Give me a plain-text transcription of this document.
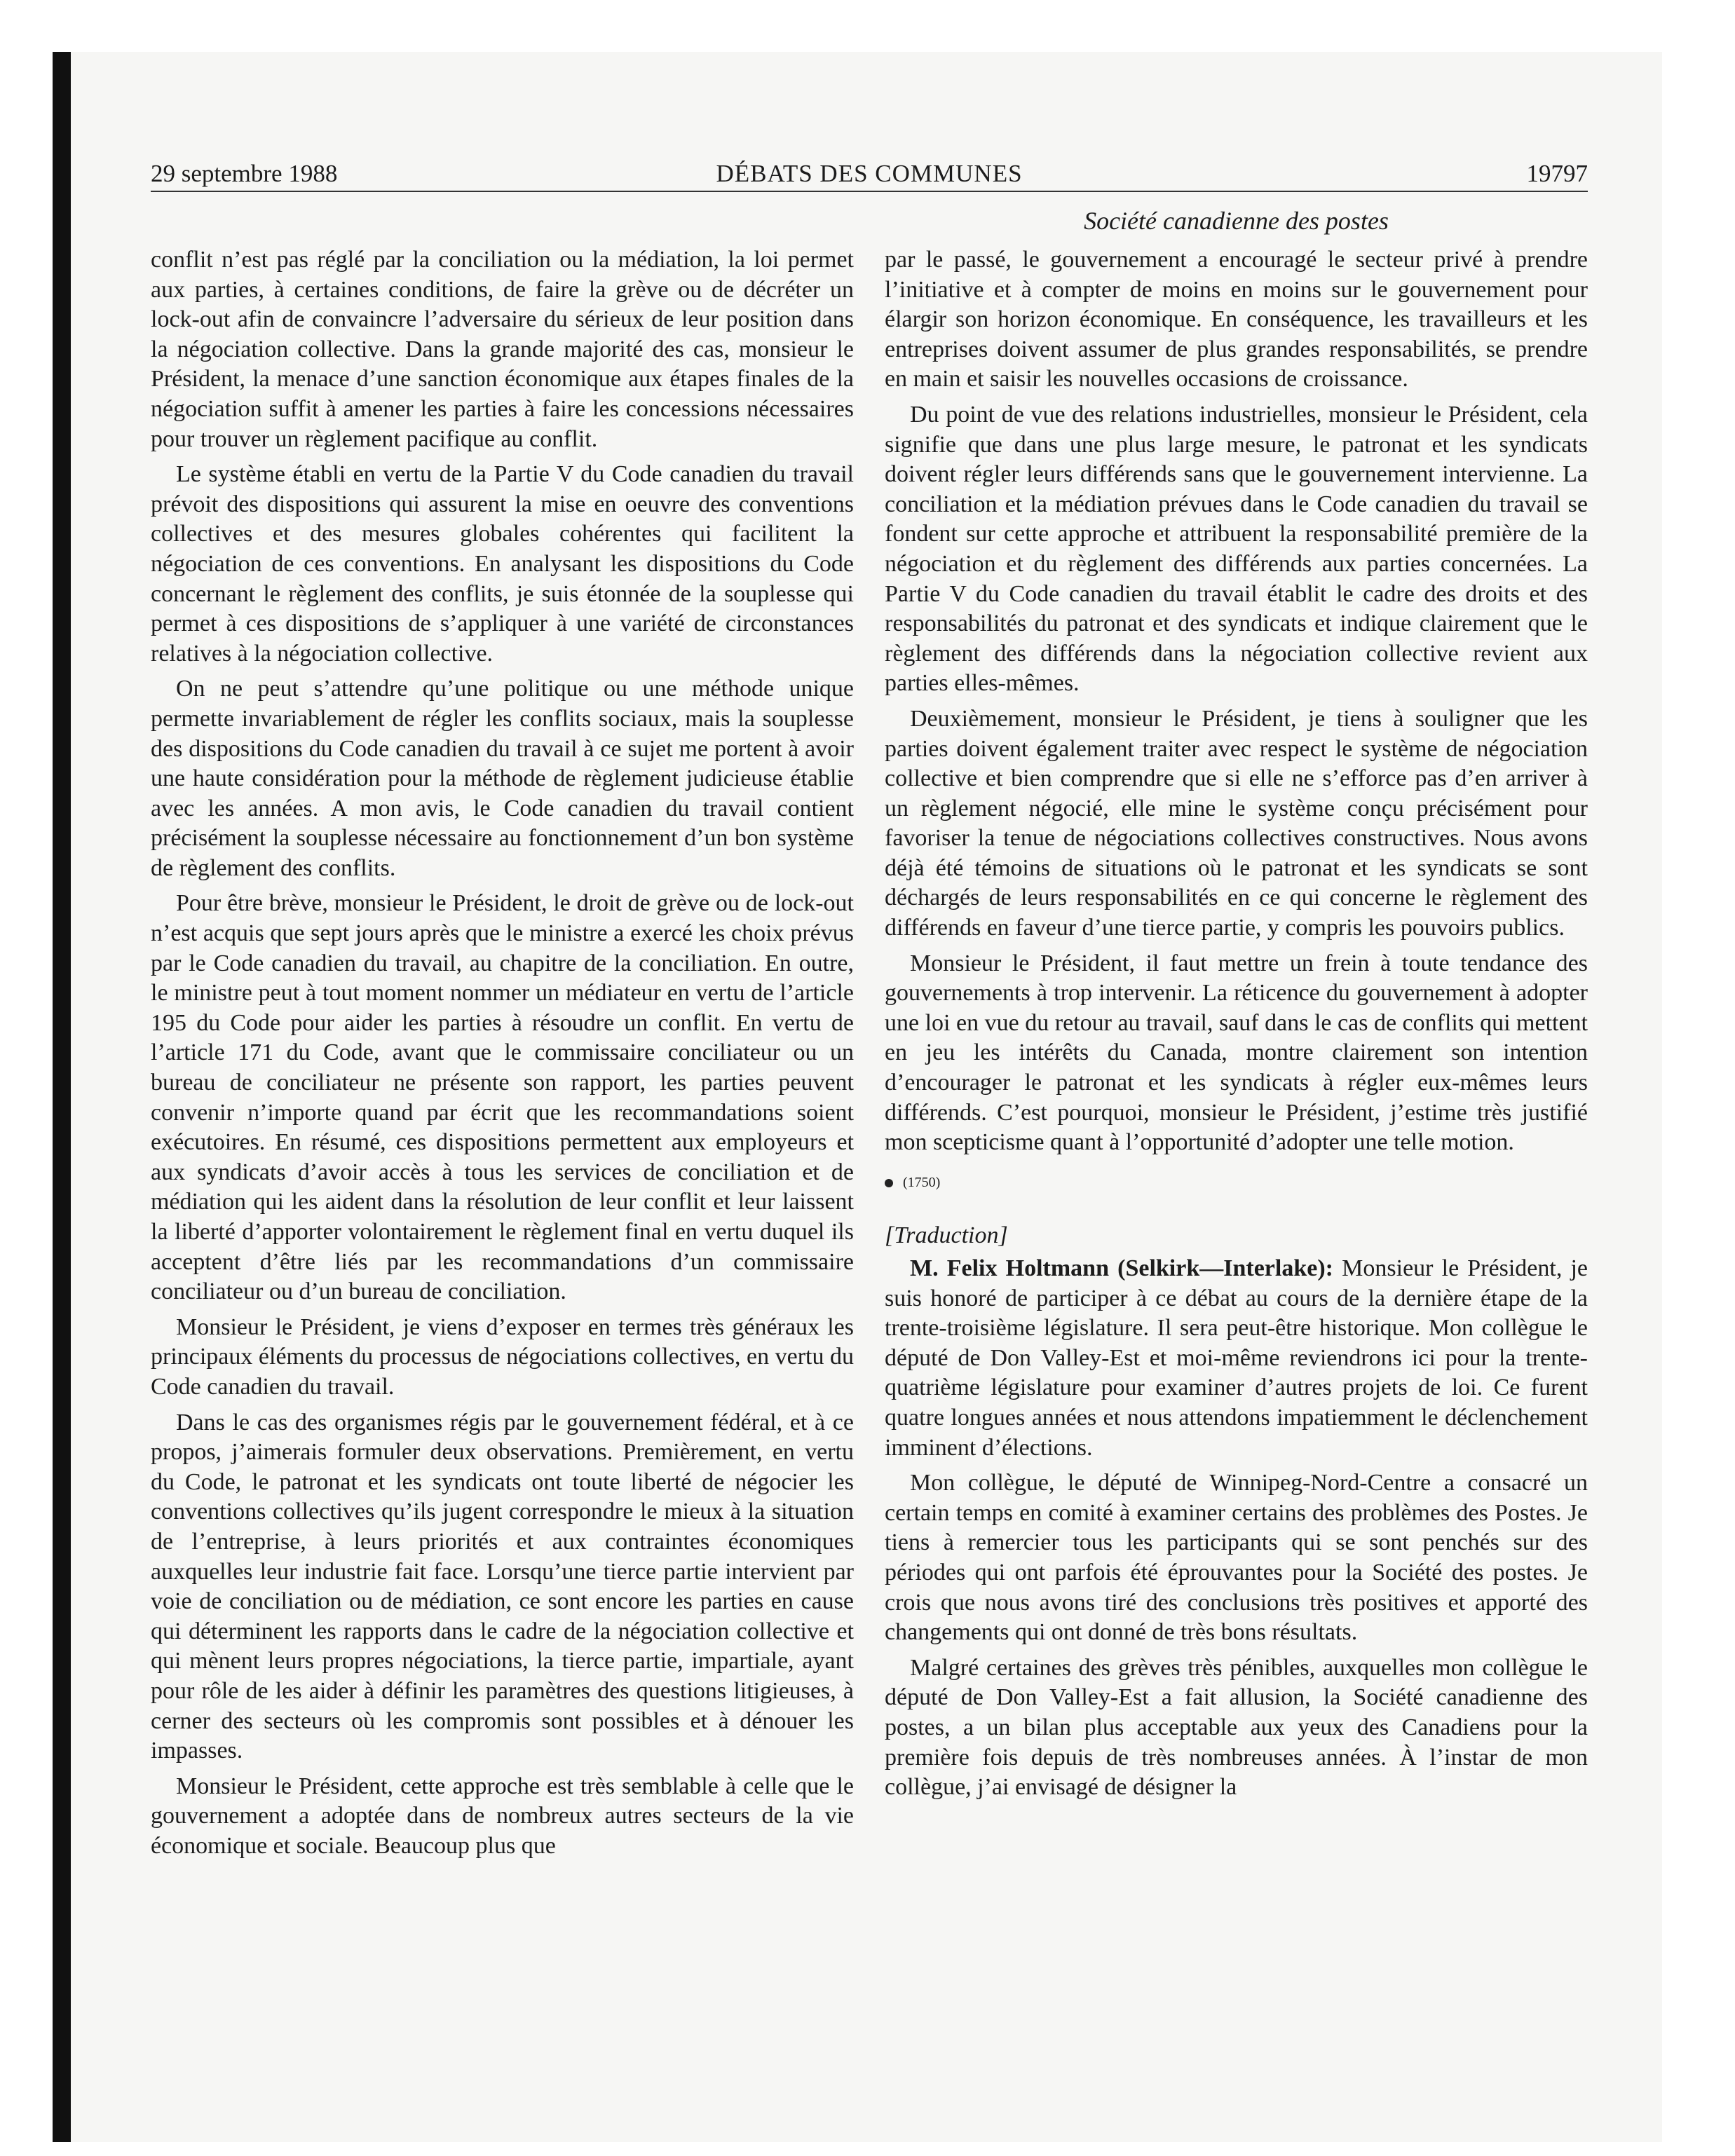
29 septembre 1988	DÉBATS DES COMMUNES	19797
Société canadienne des postes

conflit n’est pas réglé par la conciliation ou la médiation, la loi permet aux parties, à certaines conditions, de faire la grève ou de décréter un lock-out afin de convaincre l’adversaire du sérieux de leur position dans la négociation collective. Dans la grande majorité des cas, monsieur le Président, la menace d’une sanction économique aux étapes finales de la négociation suffit à amener les parties à faire les concessions nécessaires pour trouver un règlement pacifique au conflit.

Le système établi en vertu de la Partie V du Code canadien du travail prévoit des dispositions qui assurent la mise en oeuvre des conventions collectives et des mesures globales cohérentes qui facilitent la négociation de ces conventions. En analysant les dispositions du Code concernant le règlement des conflits, je suis étonnée de la souplesse qui permet à ces dispositions de s’appliquer à une variété de circonstances relatives à la négociation collective.

On ne peut s’attendre qu’une politique ou une méthode unique permette invariablement de régler les conflits sociaux, mais la souplesse des dispositions du Code canadien du travail à ce sujet me portent à avoir une haute considération pour la méthode de règlement judicieuse établie avec les années. A mon avis, le Code canadien du travail contient précisément la souplesse nécessaire au fonctionnement d’un bon système de règlement des conflits.

Pour être brève, monsieur le Président, le droit de grève ou de lock-out n’est acquis que sept jours après que le ministre a exercé les choix prévus par le Code canadien du travail, au chapitre de la conciliation. En outre, le ministre peut à tout moment nommer un médiateur en vertu de l’article 195 du Code pour aider les parties à résoudre un conflit. En vertu de l’article 171 du Code, avant que le commissaire conciliateur ou un bureau de conciliateur ne présente son rapport, les parties peuvent convenir n’importe quand par écrit que les recommandations soient exécutoires. En résumé, ces dispositions permettent aux employeurs et aux syndicats d’avoir accès à tous les services de conciliation et de médiation qui les aident dans la résolution de leur conflit et leur laissent la liberté d’apporter volontairement le règlement final en vertu duquel ils acceptent d’être liés par les recommandations d’un commissaire conciliateur ou d’un bureau de conciliation.

Monsieur le Président, je viens d’exposer en termes très généraux les principaux éléments du processus de négociations collectives, en vertu du Code canadien du travail.

Dans le cas des organismes régis par le gouvernement fédéral, et à ce propos, j’aimerais formuler deux observations. Premièrement, en vertu du Code, le patronat et les syndicats ont toute liberté de négocier les conventions collectives qu’ils jugent correspondre le mieux à la situation de l’entreprise, à leurs priorités et aux contraintes économiques auxquelles leur industrie fait face. Lorsqu’une tierce partie intervient par voie de conciliation ou de médiation, ce sont encore les parties en cause qui déterminent les rapports dans le cadre de la négociation collective et qui mènent leurs propres négociations, la tierce partie, impartiale, ayant pour rôle de les aider à définir les paramètres des questions litigieuses, à cerner des secteurs où les compromis sont possibles et à dénouer les impasses.

Monsieur le Président, cette approche est très semblable à celle que le gouvernement a adoptée dans de nombreux autres secteurs de la vie économique et sociale. Beaucoup plus que

par le passé, le gouvernement a encouragé le secteur privé à prendre l’initiative et à compter de moins en moins sur le gouvernement pour élargir son horizon économique. En conséquence, les travailleurs et les entreprises doivent assumer de plus grandes responsabilités, se prendre en main et saisir les nouvelles occasions de croissance.

Du point de vue des relations industrielles, monsieur le Président, cela signifie que dans une plus large mesure, le patronat et les syndicats doivent régler leurs différends sans que le gouvernement intervienne. La conciliation et la médiation prévues dans le Code canadien du travail se fondent sur cette approche et attribuent la responsabilité première de la négociation et du règlement des différends aux parties concernées. La Partie V du Code canadien du travail établit le cadre des droits et des responsabilités du patronat et des syndicats et indique clairement que le règlement des différends dans la négociation collective revient aux parties elles-mêmes.

Deuxièmement, monsieur le Président, je tiens à souligner que les parties doivent également traiter avec respect le système de négociation collective et bien comprendre que si elle ne s’efforce pas d’en arriver à un règlement négocié, elle mine le système conçu précisément pour favoriser la tenue de négociations collectives constructives. Nous avons déjà été témoins de situations où le patronat et les syndicats se sont déchargés de leurs responsabilités en ce qui concerne le règlement des différends en faveur d’une tierce partie, y compris les pouvoirs publics.

Monsieur le Président, il faut mettre un frein à toute tendance des gouvernements à trop intervenir. La réticence du gouvernement à adopter une loi en vue du retour au travail, sauf dans le cas de conflits qui mettent en jeu les intérêts du Canada, montre clairement son intention d’encourager le patronat et les syndicats à régler eux-mêmes leurs différends. C’est pourquoi, monsieur le Président, j’estime très justifié mon scepticisme quant à l’opportunité d’adopter une telle motion.

(1750)
[Traduction]

M. Felix Holtmann (Selkirk—Interlake): Monsieur le Président, je suis honoré de participer à ce débat au cours de la dernière étape de la trente-troisième législature. Il sera peut-être historique. Mon collègue le député de Don Valley-Est et moi-même reviendrons ici pour la trente-quatrième législature pour examiner d’autres projets de loi. Ce furent quatre longues années et nous attendons impatiemment le déclenchement imminent d’élections.

Mon collègue, le député de Winnipeg-Nord-Centre a consacré un certain temps en comité à examiner certains des problèmes des Postes. Je tiens à remercier tous les participants qui se sont penchés sur des périodes qui ont parfois été éprouvantes pour la Société des postes. Je crois que nous avons tiré des conclusions très positives et apporté des changements qui ont donné de très bons résultats.

Malgré certaines des grèves très pénibles, auxquelles mon collègue le député de Don Valley-Est a fait allusion, la Société canadienne des postes, a un bilan plus acceptable aux yeux des Canadiens pour la première fois depuis de très nombreuses années. À l’instar de mon collègue, j’ai envisagé de désigner la
